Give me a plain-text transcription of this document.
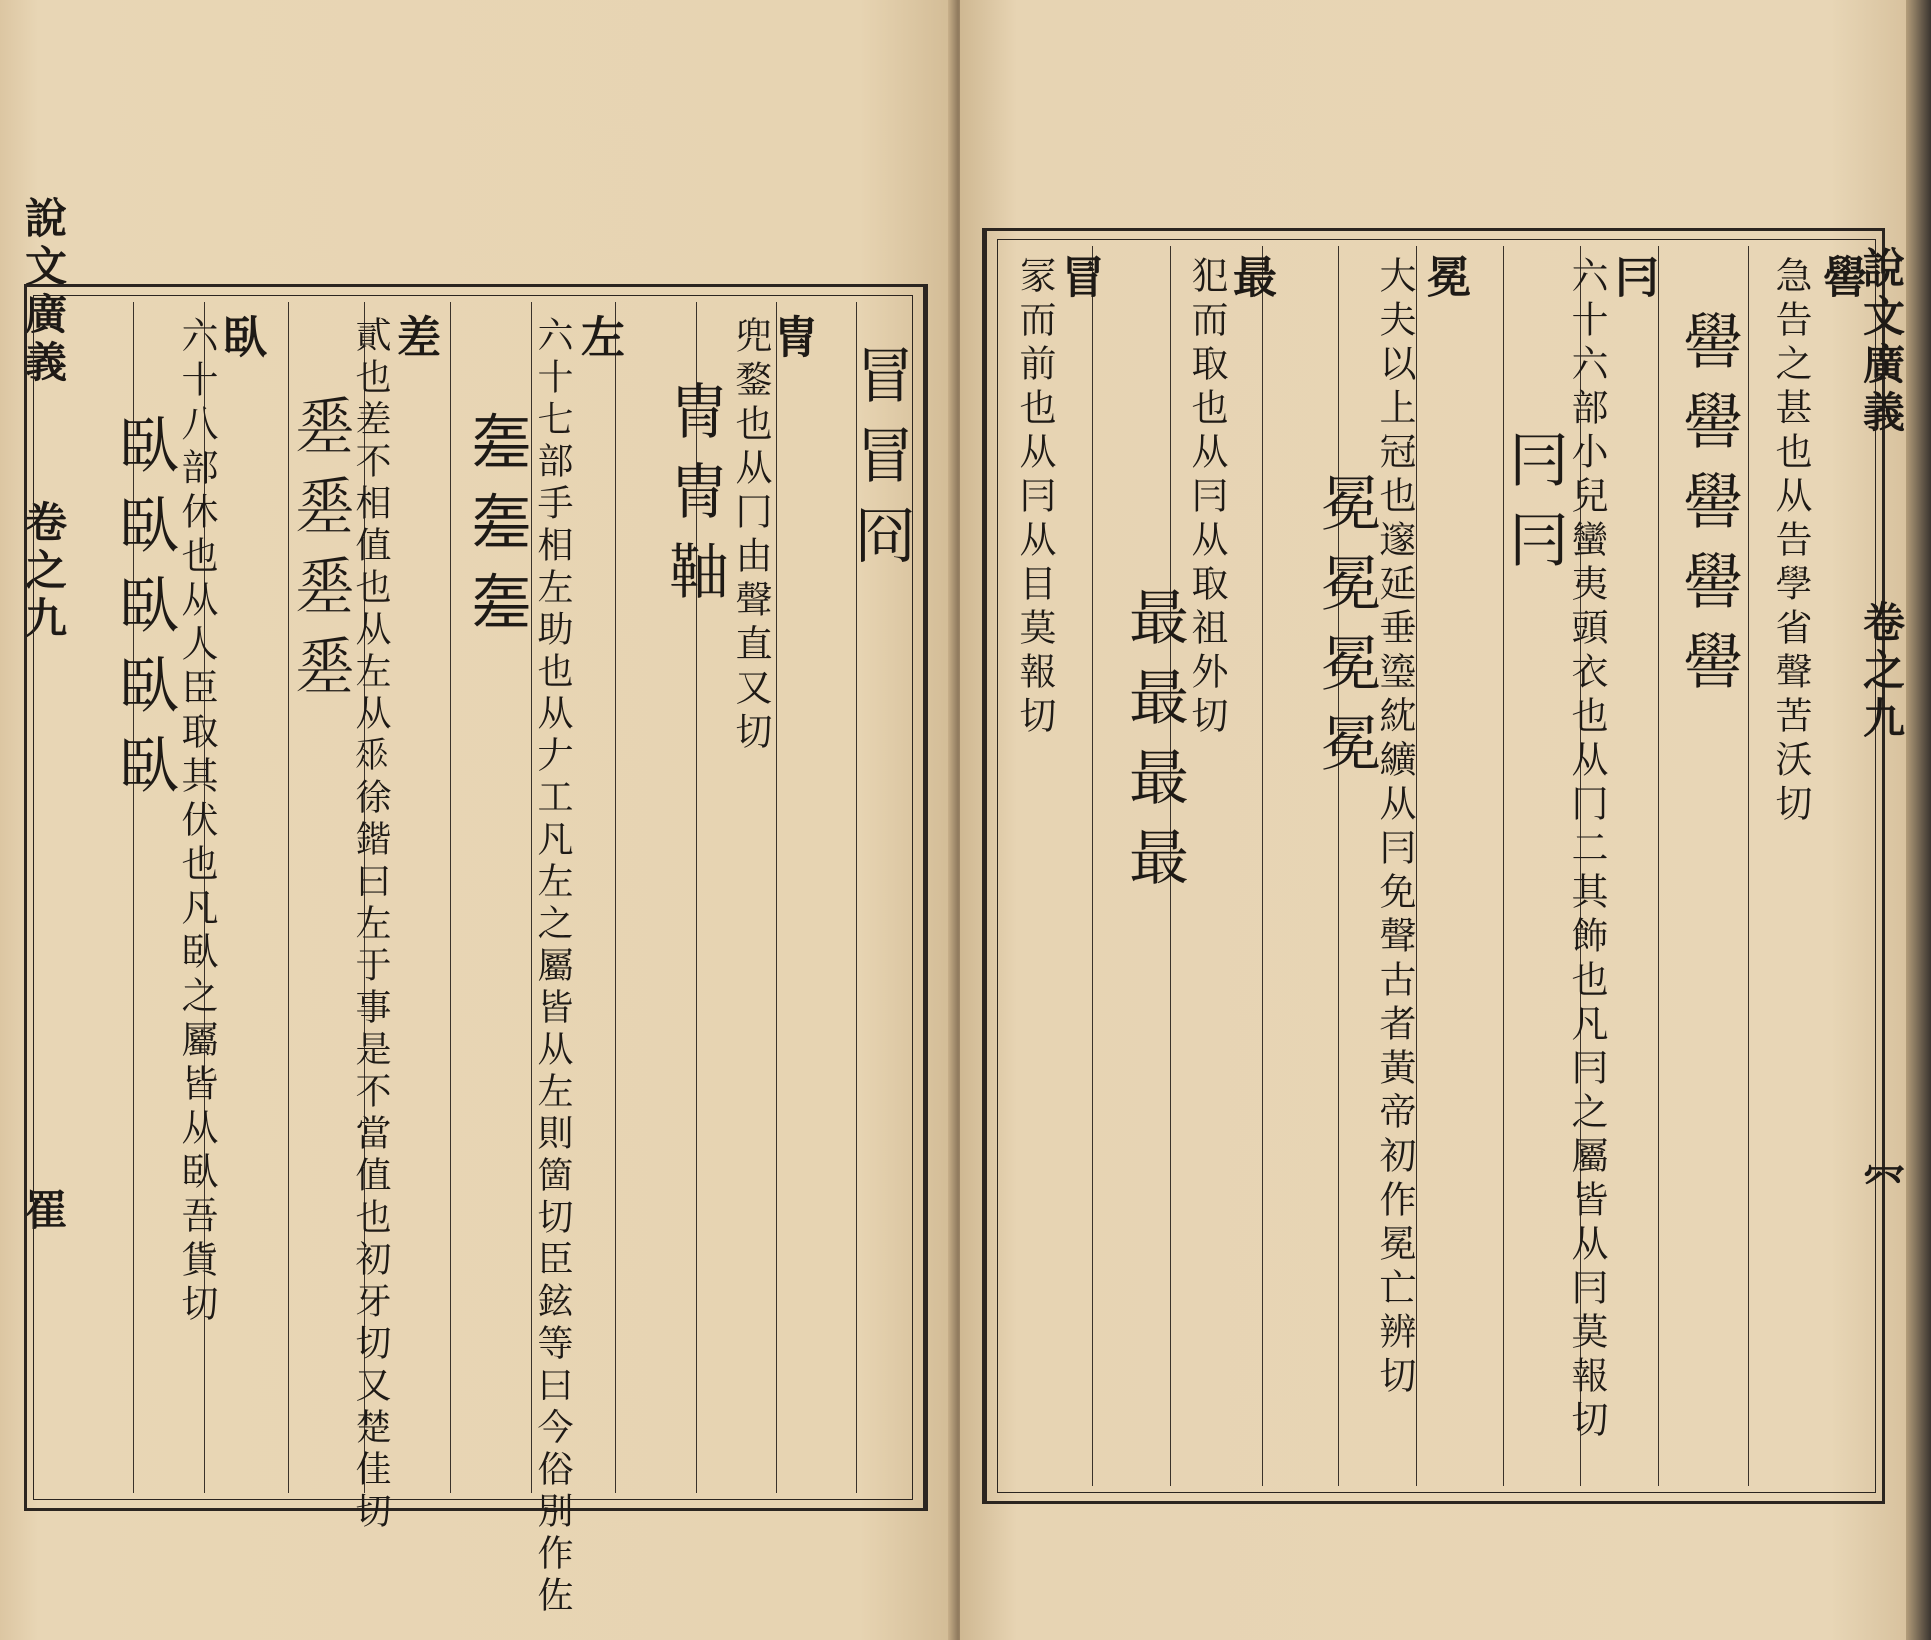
說文廣義
卷之九
䍜
冒冒冏
冑
兜鍪也从冂由聲直又切
冑冑䩜
左
六十七部手相左助也从𠂇工凡左之屬皆从左則箇切臣鉉等曰今俗別作佐
𢀡𢀡𢀡
差
貳也差不相值也从左从𠂹徐鍇曰左于事是不當值也初牙切又楚佳切
𢀩𢀩𢀩𢀩
臥
六十八部休也从人臣取其伏也凡臥之屬皆从臥吾貨切
臥臥臥臥臥
嚳
急告之甚也从告學省聲苦沃切
嚳嚳嚳嚳嚳
冃
六十六部小兒蠻夷頭衣也从冂二其飾也凡冃之屬皆从冃莫報切
冃冃
冕
大夫以上冠也邃延垂瑬紞纊从冃免聲古者黃帝初作冕亡辨切
冕冕冕冕
最
犯而取也从冃从取祖外切
最最最最
冒
冡而前也从冃从目莫報切	說文廣義
卷之九
㓁
